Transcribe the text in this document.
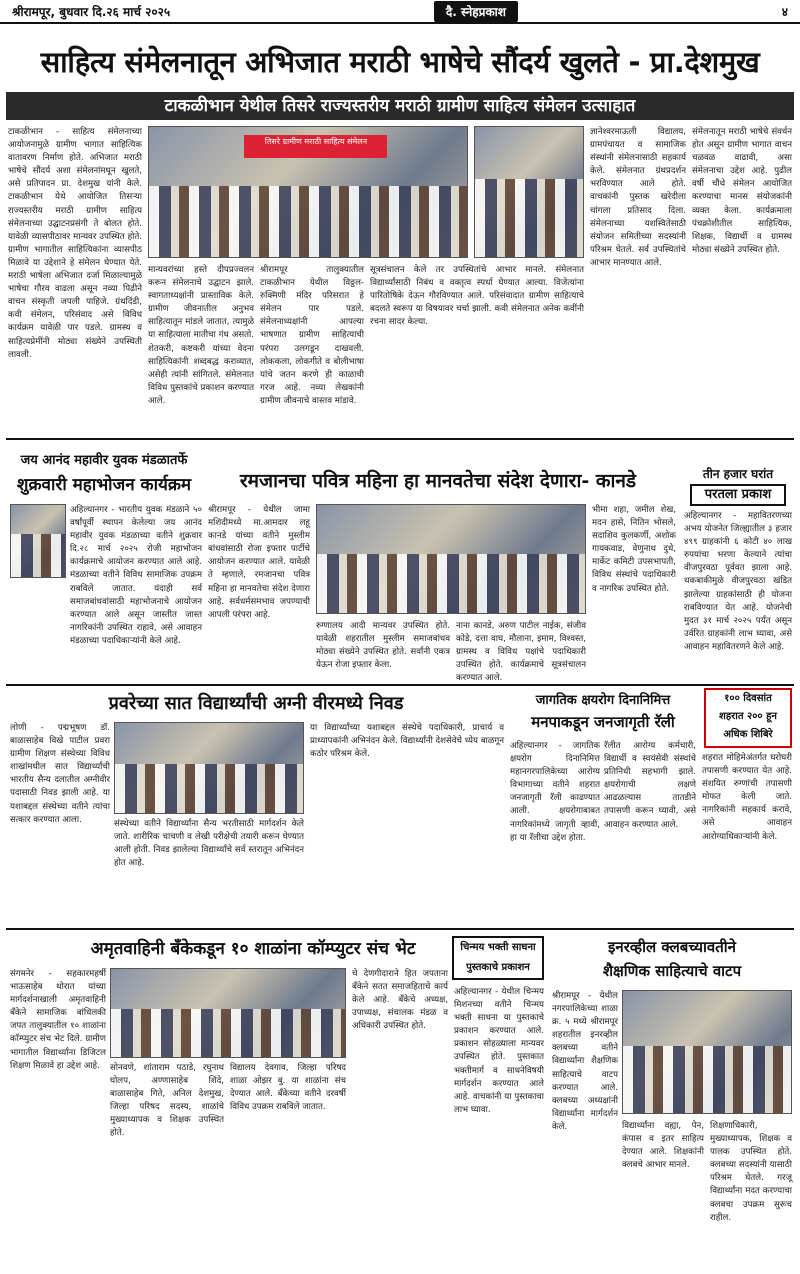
श्रीरामपूर, बुधवार दि.२६ मार्च २०२५	दै. स्नेहप्रकाश	४
साहित्य संमेलनातून अभिजात मराठी भाषेचे सौंदर्य खुलते - प्रा.देशमुख
टाकळीभान येथील तिसरे राज्यस्तरीय मराठी ग्रामीण साहित्य संमेलन उत्साहात
टाकळीभान - साहित्य संमेलनाच्या आयोजनामुळे ग्रामीण भागात साहित्यिक वातावरण निर्माण होते. अभिजात मराठी भाषेचे सौंदर्य अशा संमेलनांमधून खुलते, असे प्रतिपादन प्रा. देशमुख यांनी केले. टाकळीभान येथे आयोजित तिसऱ्या राज्यस्तरीय मराठी ग्रामीण साहित्य संमेलनाच्या उद्घाटनप्रसंगी ते बोलत होते. यावेळी व्यासपीठावर मान्यवर उपस्थित होते. ग्रामीण भागातील साहित्यिकांना व्यासपीठ मिळावे या उद्देशाने हे संमेलन घेण्यात येते. मराठी भाषेला अभिजात दर्जा मिळाल्यामुळे भाषेचा गौरव वाढला असून नव्या पिढीने वाचन संस्कृती जपली पाहिजे. ग्रंथदिंडी, कवी संमेलन, परिसंवाद असे विविध कार्यक्रम यावेळी पार पडले. ग्रामस्थ व साहित्यप्रेमींनी मोठ्या संख्येने उपस्थिती लावली.
तिसरे ग्रामीण मराठी साहित्य संमेलन
ज्ञानेश्वरमाऊली विद्यालय, ग्रामपंचायत व सामाजिक संस्थांनी संमेलनासाठी सहकार्य केले. संमेलनात ग्रंथप्रदर्शन भरविण्यात आले होते. वाचकांनी पुस्तक खरेदीला चांगला प्रतिसाद दिला. संमेलनाच्या यशस्वितेसाठी संयोजन समितीच्या सदस्यांनी परिश्रम घेतले. सर्व उपस्थितांचे आभार मानण्यात आले.
संमेलनातून मराठी भाषेचे संवर्धन होत असून ग्रामीण भागात वाचन चळवळ वाढावी, असा संमेलनाचा उद्देश आहे. पुढील वर्षी चौथे संमेलन आयोजित करण्याचा मानस संयोजकांनी व्यक्त केला. कार्यक्रमाला पंचक्रोशीतील साहित्यिक, शिक्षक, विद्यार्थी व ग्रामस्थ मोठ्या संख्येने उपस्थित होते.
मान्यवरांच्या हस्ते दीपप्रज्वलन करून संमेलनाचे उद्घाटन झाले. स्वागताध्यक्षांनी प्रास्ताविक केले. ग्रामीण जीवनातील अनुभव साहित्यातून मांडले जातात, त्यामुळे या साहित्याला मातीचा गंध असतो. शेतकरी, कष्टकरी यांच्या वेदना साहित्यिकांनी शब्दबद्ध कराव्यात, असेही त्यांनी सांगितले. संमेलनात विविध पुस्तकांचे प्रकाशन करण्यात आले.
श्रीरामपूर तालुक्यातील टाकळीभान येथील विठ्ठल-रुक्मिणी मंदिर परिसरात हे संमेलन पार पडले. संमेलनाध्यक्षांनी आपल्या भाषणात ग्रामीण साहित्याची परंपरा उलगडून दाखवली. लोककला, लोकगीते व बोलीभाषा यांचे जतन करणे ही काळाची गरज आहे. नव्या लेखकांनी ग्रामीण जीवनाचे वास्तव मांडावे.
सूत्रसंचालन केले तर उपस्थितांचे आभार मानले. संमेलनात विद्यार्थ्यांसाठी निबंध व वक्तृत्व स्पर्धा घेण्यात आल्या. विजेत्यांना पारितोषिके देऊन गौरविण्यात आले. परिसंवादात ग्रामीण साहित्याचे बदलते स्वरूप या विषयावर चर्चा झाली. कवी संमेलनात अनेक कवींनी रचना सादर केल्या.
जय आनंद महावीर युवक मंडळातर्फे
शुक्रवारी महाभोजन कार्यक्रम
अहिल्यानगर - भारतीय युवक मंडळाने ५० वर्षांपूर्वी स्थापन केलेल्या जय आनंद महावीर युवक मंडळाच्या वतीने शुक्रवार दि.२८ मार्च २०२५ रोजी महाभोजन कार्यक्रमाचे आयोजन करण्यात आले आहे. मंडळाच्या वतीने विविध सामाजिक उपक्रम राबविले जातात. यंदाही सर्व समाजबांधवांसाठी महाभोजनाचे आयोजन करण्यात आले असून जास्तीत जास्त नागरिकांनी उपस्थित राहावे, असे आवाहन मंडळाच्या पदाधिकाऱ्यांनी केले आहे.
रमजानचा पवित्र महिना हा मानवतेचा संदेश देणारा- कानडे
श्रीरामपूर - येथील जामा मशिदीमध्ये मा.आमदार लहू कानडे यांच्या वतीने मुस्लीम बांधवांसाठी रोजा इफ्तार पार्टीचे आयोजन करण्यात आले. यावेळी ते म्हणाले, रमजानचा पवित्र महिना हा मानवतेचा संदेश देणारा आहे. सर्वधर्मसमभाव जपण्याची आपली परंपरा आहे.
भीमा शहा, जमील शेख, मदन हासे, नितिन भोसले, सदाशिव कुलकर्णी, अशोक गायकवाड, वेणुनाथ दुधे, मार्केट कमिटी उपसभापती, विविध संस्थांचे पदाधिकारी व नागरिक उपस्थित होते.
रुग्णालय आदी मान्यवर उपस्थित होते. यावेळी शहरातील मुस्लीम समाजबांधव मोठ्या संख्येने उपस्थित होते. सर्वांनी एकत्र येऊन रोजा इफ्तार केला.
नाना कानडे, अरुण पाटील नाईक, संजीव कोडे, दत्ता वाघ, मौलाना, इमाम, विश्वस्त, ग्रामस्थ व विविध पक्षांचे पदाधिकारी उपस्थित होते. कार्यक्रमाचे सूत्रसंचालन करण्यात आले.
तीन हजार घरांत
परतला प्रकाश
अहिल्यानगर - महावितरणच्या अभय योजनेत जिल्ह्यातील ३ हजार ४९९ ग्राहकांनी ६ कोटी ४० लाख रुपयांचा भरणा केल्याने त्यांचा वीजपुरवठा पूर्ववत झाला आहे. थकबाकीमुळे वीजपुरवठा खंडित झालेल्या ग्राहकांसाठी ही योजना राबविण्यात येत आहे. योजनेची मुदत ३१ मार्च २०२५ पर्यंत असून उर्वरित ग्राहकांनी लाभ घ्यावा, असे आवाहन महावितरणने केले आहे.
प्रवरेच्या सात विद्यार्थ्यांची अग्नी वीरमध्ये निवड
लोणी - पद्मभूषण डॉ. बाळासाहेब विखे पाटील प्रवरा ग्रामीण शिक्षण संस्थेच्या विविध शाखांमधील सात विद्यार्थ्यांची भारतीय सैन्य दलातील अग्नीवीर पदासाठी निवड झाली आहे. या यशाबद्दल संस्थेच्या वतीने त्यांचा सत्कार करण्यात आला.	संस्थेच्या वतीने विद्यार्थ्यांना सैन्य भरतीसाठी मार्गदर्शन केले जाते. शारीरिक चाचणी व लेखी परीक्षेची तयारी करून घेण्यात आली होती. निवड झालेल्या विद्यार्थ्यांचे सर्व स्तरातून अभिनंदन होत आहे.
या विद्यार्थ्यांच्या यशाबद्दल संस्थेचे पदाधिकारी, प्राचार्य व प्राध्यापकांनी अभिनंदन केले. विद्यार्थ्यांनी देशसेवेचे ध्येय बाळगून कठोर परिश्रम केले.
जागतिक क्षयरोग दिनानिमित्त
मनपाकडून जनजागृती रॅली
१०० दिवसांत
शहरात २०० हून
अधिक शिबिरे
अहिल्यानगर - जागतिक क्षयरोग दिनानिमित्त महानगरपालिकेच्या आरोग्य विभागाच्या वतीने शहरात जनजागृती रॅली काढण्यात आली. क्षयरोगाबाबत नागरिकांमध्ये जागृती व्हावी, हा या रॅलीचा उद्देश होता.
रॅलीत आरोग्य कर्मचारी, विद्यार्थी व स्वयंसेवी संस्थांचे प्रतिनिधी सहभागी झाले. क्षयरोगाची लक्षणे आढळल्यास तातडीने तपासणी करून घ्यावी, असे आवाहन करण्यात आले.
शहरात मोहिमेअंतर्गत घरोघरी तपासणी करण्यात येत आहे. संशयित रुग्णांची तपासणी मोफत केली जाते. नागरिकांनी सहकार्य करावे, असे आवाहन आरोग्याधिकाऱ्यांनी केले.
अमृतवाहिनी बँकेकडून १० शाळांना कॉम्प्युटर संच भेट
संगमनेर - सहकारमहर्षी भाऊसाहेब थोरात यांच्या मार्गदर्शनाखाली अमृतवाहिनी बँकेने सामाजिक बांधिलकी जपत तालुक्यातील १० शाळांना कॉम्प्युटर संच भेट दिले. ग्रामीण भागातील विद्यार्थ्यांना डिजिटल शिक्षण मिळावे हा उद्देश आहे.	सोनवणे, शांताराम पठाडे, रघुनाथ घोलप, अण्णासाहेब शिंदे, बाळासाहेब गिते, अनिल देशमुख, जिल्हा परिषद सदस्य, शाळांचे मुख्याध्यापक व शिक्षक उपस्थित होते.
विद्यालय देवगाव, जिल्हा परिषद शाळा ओझर बु. या शाळांना संच देण्यात आले. बँकेच्या वतीने दरवर्षी विविध उपक्रम राबविले जातात.
चे देणगीदाराने हित जपताना बँकेने सतत समाजहिताचे कार्य केले आहे. बँकेचे अध्यक्ष, उपाध्यक्ष, संचालक मंडळ व अधिकारी उपस्थित होते.
चिन्मय भक्ती साधना
पुस्तकाचे प्रकाशन
अहिल्यानगर - येथील चिन्मय मिशनच्या वतीने चिन्मय भक्ती साधना या पुस्तकाचे प्रकाशन करण्यात आले. प्रकाशन सोहळ्याला मान्यवर उपस्थित होते. पुस्तकात भक्तीमार्ग व साधनेविषयी मार्गदर्शन करण्यात आले आहे. वाचकांनी या पुस्तकाचा लाभ घ्यावा.
इनरव्हील क्लबच्यावतीने
शैक्षणिक साहित्याचे वाटप
श्रीरामपूर - येथील नगरपालिकेच्या शाळा क्र. ५ मध्ये श्रीरामपूर शहरातील इनरव्हील क्लबच्या वतीने विद्यार्थ्यांना शैक्षणिक साहित्याचे वाटप करण्यात आले. क्लबच्या अध्यक्षांनी विद्यार्थ्यांना मार्गदर्शन केले.	विद्यार्थ्यांना वह्या, पेन, कंपास व इतर साहित्य देण्यात आले. शिक्षकांनी क्लबचे आभार मानले.
शिक्षणाधिकारी, मुख्याध्यापक, शिक्षक व पालक उपस्थित होते. क्लबच्या सदस्यांनी यासाठी परिश्रम घेतले. गरजू विद्यार्थ्यांना मदत करण्याचा क्लबचा उपक्रम सुरूच राहील.
